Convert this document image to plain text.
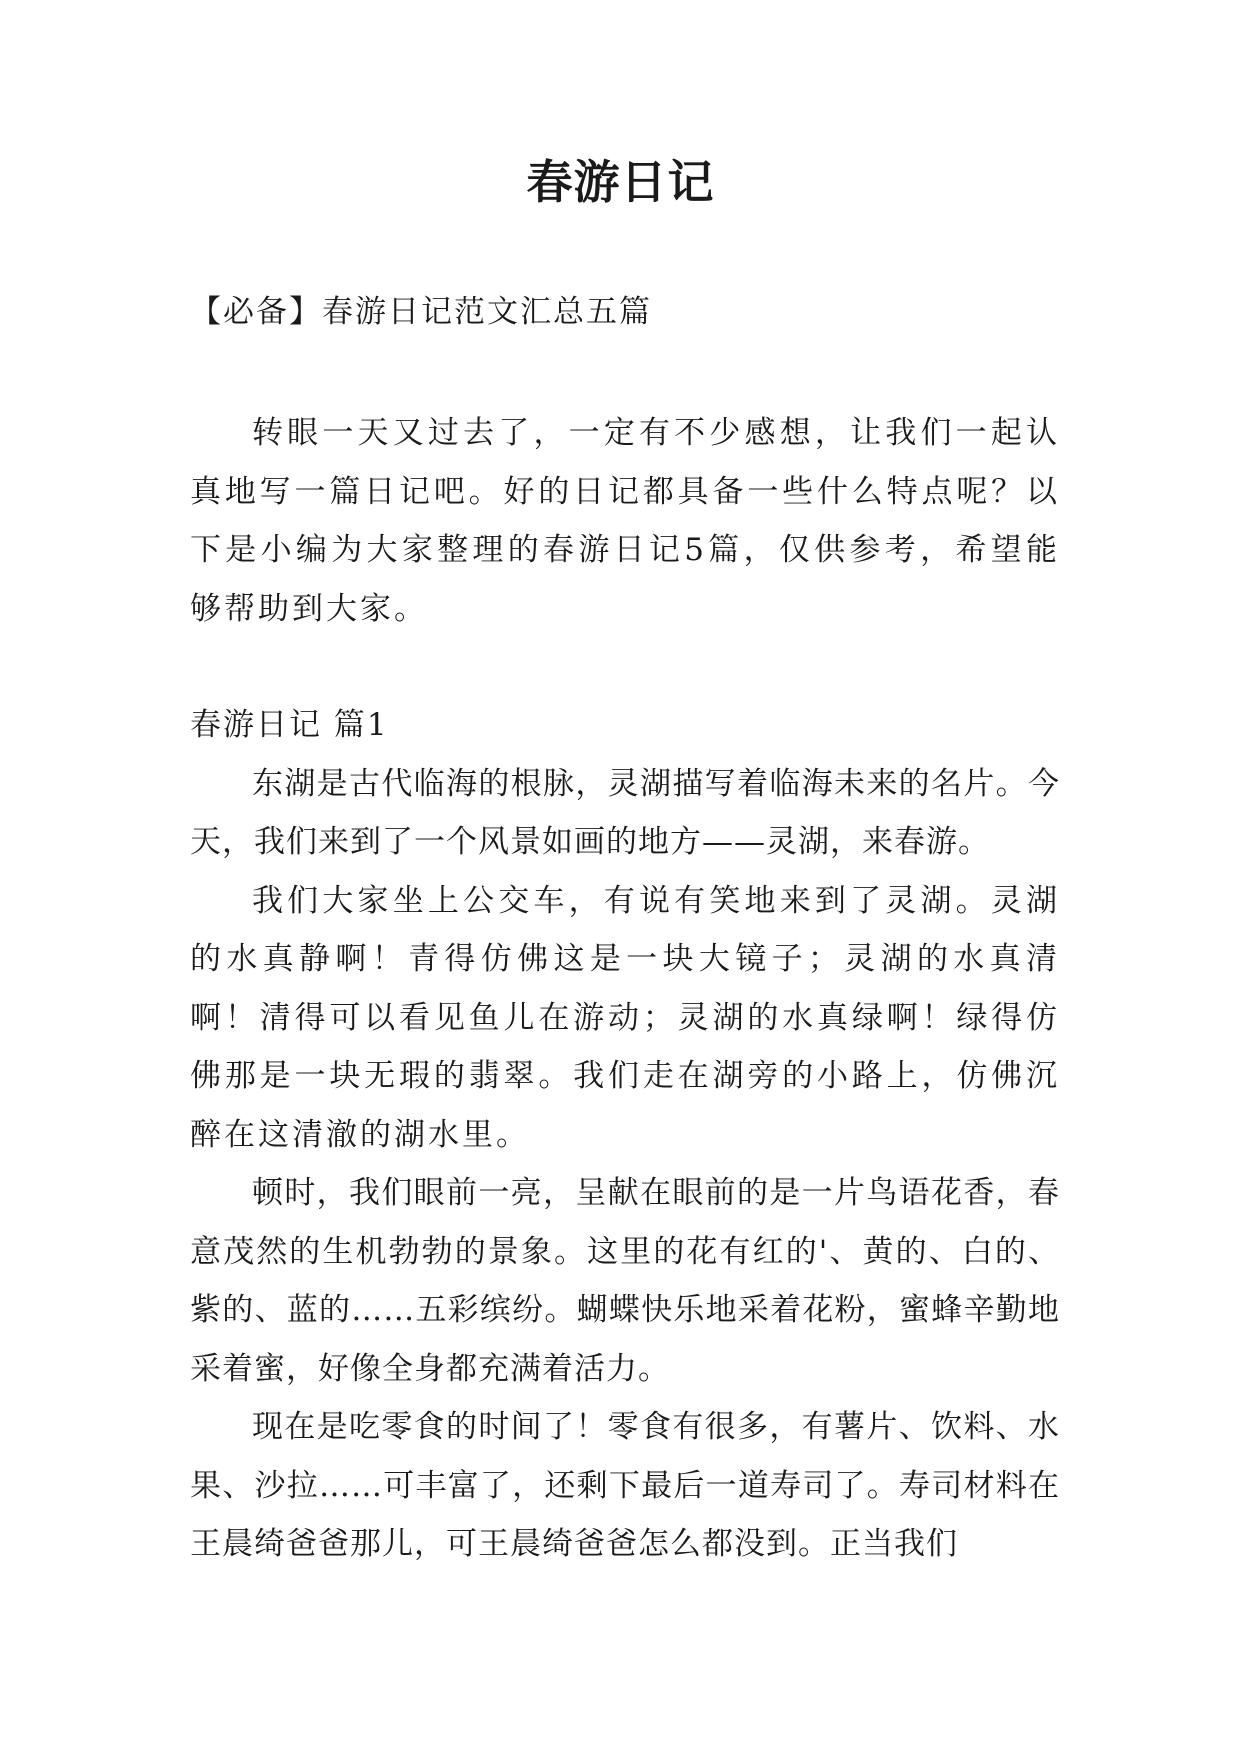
春游日记

【必备】春游日记范文汇总五篇

转眼一天又过去了，一定有不少感想，让我们一起认真地写一篇日记吧。好的日记都具备一些什么特点呢？以下是小编为大家整理的春游日记5篇，仅供参考，希望能够帮助到大家。

春游日记 篇1

东湖是古代临海的根脉，灵湖描写着临海未来的名片。今天，我们来到了一个风景如画的地方——灵湖，来春游。

我们大家坐上公交车，有说有笑地来到了灵湖。灵湖的水真静啊！青得仿佛这是一块大镜子；灵湖的水真清啊！清得可以看见鱼儿在游动；灵湖的水真绿啊！绿得仿佛那是一块无瑕的翡翠。我们走在湖旁的小路上，仿佛沉醉在这清澈的湖水里。

顿时，我们眼前一亮，呈献在眼前的是一片鸟语花香，春意茂然的生机勃勃的景象。这里的花有红的'、黄的、白的、紫的、蓝的……五彩缤纷。蝴蝶快乐地采着花粉，蜜蜂辛勤地采着蜜，好像全身都充满着活力。

现在是吃零食的时间了！零食有很多，有薯片、饮料、水果、沙拉……可丰富了，还剩下最后一道寿司了。寿司材料在王晨绮爸爸那儿，可王晨绮爸爸怎么都没到。正当我们
